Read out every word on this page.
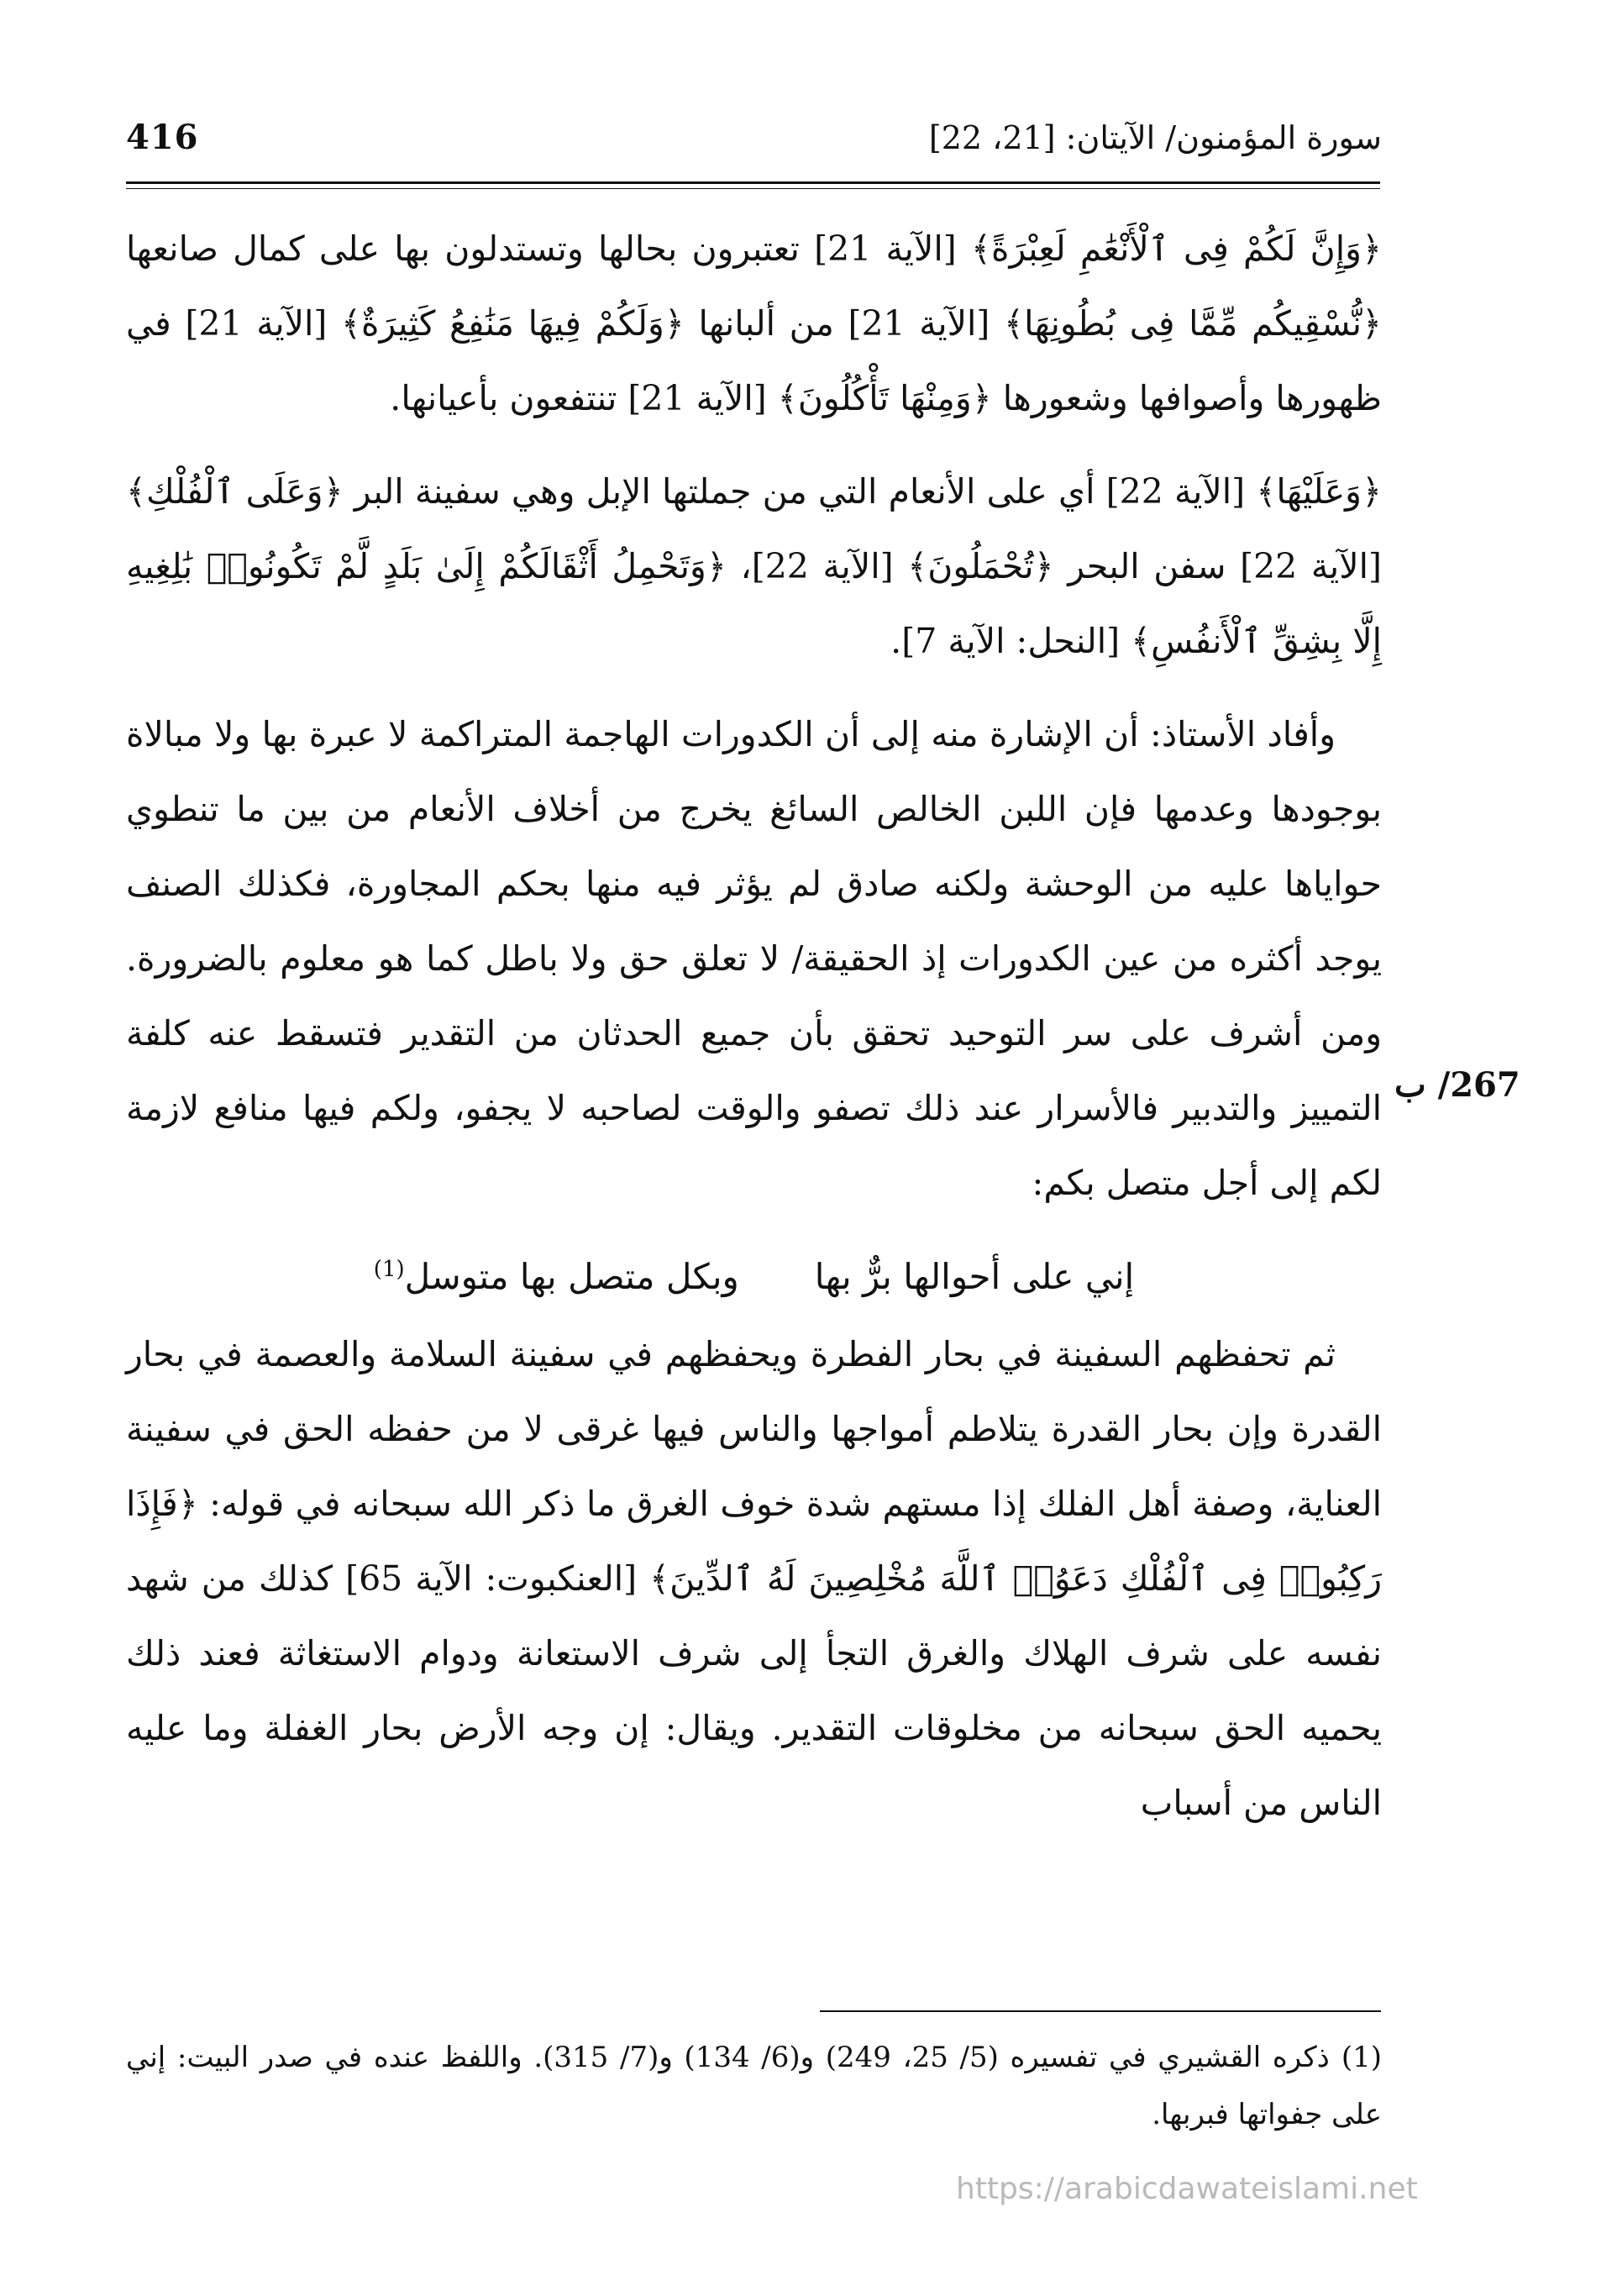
416	سورة المؤمنون/ الآيتان: [21، 22]

﴿وَإِنَّ لَكُمْ فِى ٱلْأَنْعَٰمِ لَعِبْرَةً﴾ [الآية 21] تعتبرون بحالها وتستدلون بها على كمال صانعها ﴿نُّسْقِيكُم مِّمَّا فِى بُطُونِهَا﴾ [الآية 21] من ألبانها ﴿وَلَكُمْ فِيهَا مَنَٰفِعُ كَثِيرَةٌ﴾ [الآية 21] في ظهورها وأصوافها وشعورها ﴿وَمِنْهَا تَأْكُلُونَ﴾ [الآية 21] تنتفعون بأعيانها.

﴿وَعَلَيْهَا﴾ [الآية 22] أي على الأنعام التي من جملتها الإبل وهي سفينة البر ﴿وَعَلَى ٱلْفُلْكِ﴾ [الآية 22] سفن البحر ﴿تُحْمَلُونَ﴾ [الآية 22]، ﴿وَتَحْمِلُ أَثْقَالَكُمْ إِلَىٰ بَلَدٍ لَّمْ تَكُونُوا۟ بَٰلِغِيهِ إِلَّا بِشِقِّ ٱلْأَنفُسِ﴾ [النحل: الآية 7].

وأفاد الأستاذ: أن الإشارة منه إلى أن الكدورات الهاجمة المتراكمة لا عبرة بها ولا مبالاة بوجودها وعدمها فإن اللبن الخالص السائغ يخرج من أخلاف الأنعام من بين ما تنطوي حواياها عليه من الوحشة ولكنه صادق لم يؤثر فيه منها بحكم المجاورة، فكذلك الصنف يوجد أكثره من عين الكدورات إذ الحقيقة/ لا تعلق حق ولا باطل كما هو معلوم بالضرورة. ومن أشرف على سر التوحيد تحقق بأن جميع الحدثان من التقدير فتسقط عنه كلفة التمييز والتدبير فالأسرار عند ذلك تصفو والوقت لصاحبه لا يجفو، ولكم فيها منافع لازمة لكم إلى أجل متصل بكم:

إني على أحوالها برٌّ بها
وبكل متصل بها متوسل$^{(1)}$

ثم تحفظهم السفينة في بحار الفطرة ويحفظهم في سفينة السلامة والعصمة في بحار القدرة وإن بحار القدرة يتلاطم أمواجها والناس فيها غرقى لا من حفظه الحق في سفينة العناية، وصفة أهل الفلك إذا مستهم شدة خوف الغرق ما ذكر الله سبحانه في قوله: ﴿فَإِذَا رَكِبُوا۟ فِى ٱلْفُلْكِ دَعَوُا۟ ٱللَّهَ مُخْلِصِينَ لَهُ ٱلدِّينَ﴾ [العنكبوت: الآية 65] كذلك من شهد نفسه على شرف الهلاك والغرق التجأ إلى شرف الاستعانة ودوام الاستغاثة فعند ذلك يحميه الحق سبحانه من مخلوقات التقدير. ويقال: إن وجه الأرض بحار الغفلة وما عليه الناس من أسباب

267/ ب
(1)ذكره القشيري في تفسيره (5/ 25، 249) و(6/ 134) و(7/ 315). واللفظ عنده في صدر البيت: إني على جفواتها فبربها.
https://arabicdawateislami.net
